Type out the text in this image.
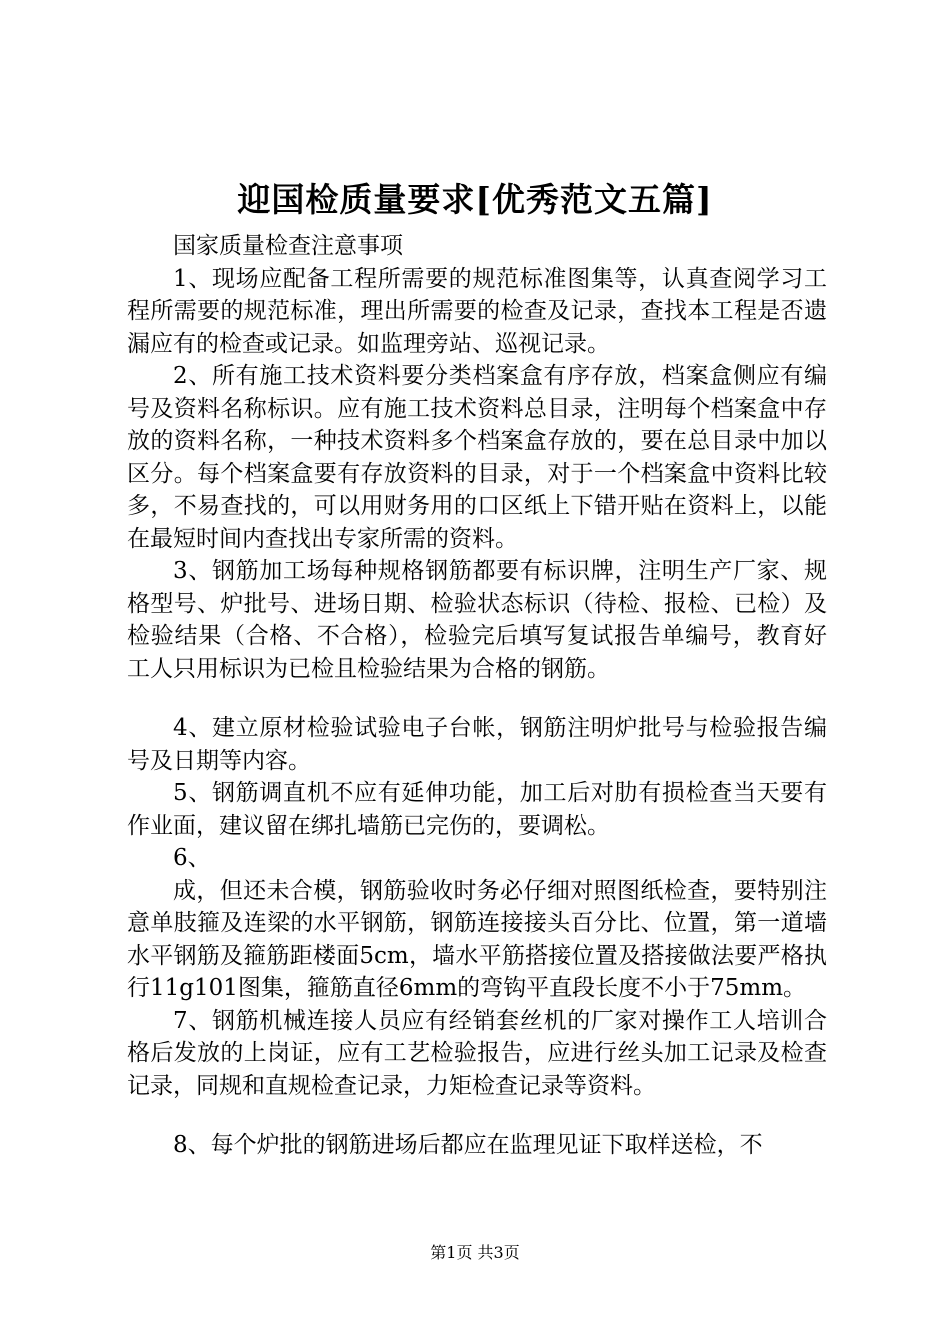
迎国检质量要求[优秀范文五篇]

国家质量检查注意事项

1、现场应配备工程所需要的规范标准图集等，认真查阅学习工程所需要的规范标准，理出所需要的检查及记录，查找本工程是否遗漏应有的检查或记录。如监理旁站、巡视记录。

2、所有施工技术资料要分类档案盒有序存放，档案盒侧应有编号及资料名称标识。应有施工技术资料总目录，注明每个档案盒中存放的资料名称，一种技术资料多个档案盒存放的，要在总目录中加以区分。每个档案盒要有存放资料的目录，对于一个档案盒中资料比较多，不易查找的，可以用财务用的口区纸上下错开贴在资料上，以能在最短时间内查找出专家所需的资料。

3、钢筋加工场每种规格钢筋都要有标识牌，注明生产厂家、规格型号、炉批号、进场日期、检验状态标识（待检、报检、已检）及检验结果（合格、不合格），检验完后填写复试报告单编号，教育好工人只用标识为已检且检验结果为合格的钢筋。

4、建立原材检验试验电子台帐，钢筋注明炉批号与检验报告编号及日期等内容。

5、钢筋调直机不应有延伸功能，加工后对肋有损检查当天要有作业面，建议留在绑扎墙筋已完伤的，要调松。

6、

成，但还未合模，钢筋验收时务必仔细对照图纸检查，要特别注意单肢箍及连梁的水平钢筋，钢筋连接接头百分比、位置，第一道墙水平钢筋及箍筋距楼面5cm，墙水平筋搭接位置及搭接做法要严格执行11g101图集，箍筋直径6mm的弯钩平直段长度不小于75mm。

7、钢筋机械连接人员应有经销套丝机的厂家对操作工人培训合格后发放的上岗证，应有工艺检验报告，应进行丝头加工记录及检查记录，同规和直规检查记录，力矩检查记录等资料。

8、每个炉批的钢筋进场后都应在监理见证下取样送检，不

第1页 共3页
